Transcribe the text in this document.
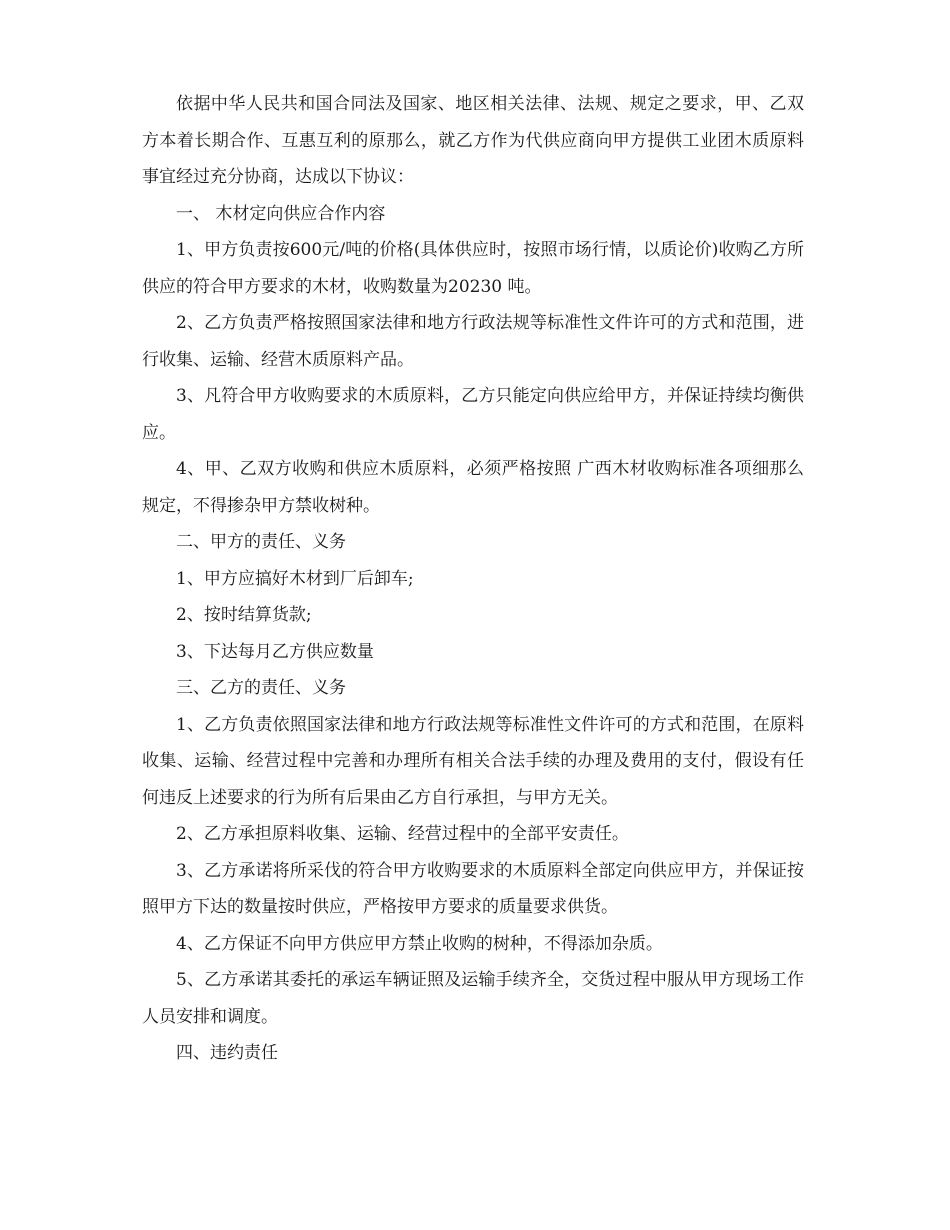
依据中华人民共和国合同法及国家、地区相关法律、法规、规定之要求，甲、乙双方本着长期合作、互惠互利的原那么，就乙方作为代供应商向甲方提供工业团木质原料事宜经过充分协商，达成以下协议：

一、 木材定向供应合作内容

1、甲方负责按600元/吨的价格(具体供应时，按照市场行情，以质论价)收购乙方所供应的符合甲方要求的木材，收购数量为20230 吨。

2、乙方负责严格按照国家法律和地方行政法规等标准性文件许可的方式和范围，进行收集、运输、经营木质原料产品。

3、凡符合甲方收购要求的木质原料，乙方只能定向供应给甲方，并保证持续均衡供应。

4、甲、乙双方收购和供应木质原料，必须严格按照 广西木材收购标准各项细那么规定，不得掺杂甲方禁收树种。

二、甲方的责任、义务

1、甲方应搞好木材到厂后卸车;

2、按时结算货款;

3、下达每月乙方供应数量

三、乙方的责任、义务

1、乙方负责依照国家法律和地方行政法规等标准性文件许可的方式和范围，在原料收集、运输、经营过程中完善和办理所有相关合法手续的办理及费用的支付，假设有任何违反上述要求的行为所有后果由乙方自行承担，与甲方无关。

2、乙方承担原料收集、运输、经营过程中的全部平安责任。

3、乙方承诺将所采伐的符合甲方收购要求的木质原料全部定向供应甲方，并保证按照甲方下达的数量按时供应，严格按甲方要求的质量要求供货。

4、乙方保证不向甲方供应甲方禁止收购的树种，不得添加杂质。

5、乙方承诺其委托的承运车辆证照及运输手续齐全，交货过程中服从甲方现场工作人员安排和调度。

四、违约责任
